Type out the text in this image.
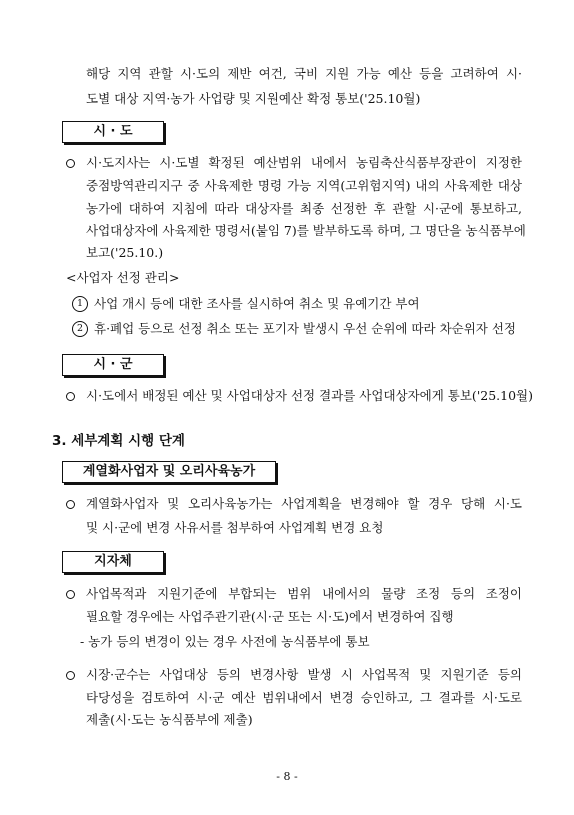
해당 지역 관할 시·도의 제반 여건, 국비 지원 가능 예산 등을 고려하여 시·
도별 대상 지역·농가 사업량 및 지원예산 확정 통보('25.10월)
시 · 도
시·도지사는 시·도별 확정된 예산범위 내에서 농림축산식품부장관이 지정한
중점방역관리지구 중 사육제한 명령 가능 지역(고위험지역) 내의 사육제한 대상
농가에 대하여 지침에 따라 대상자를 최종 선정한 후 관할 시·군에 통보하고,
사업대상자에 사육제한 명령서(붙임 7)를 발부하도록 하며, 그 명단을 농식품부에
보고('25.10.)
<사업자 선정 관리>
1 사업 개시 등에 대한 조사를 실시하여 취소 및 유예기간 부여
2 휴·폐업 등으로 선정 취소 또는 포기자 발생시 우선 순위에 따라 차순위자 선정
시 · 군
시·도에서 배정된 예산 및 사업대상자 선정 결과를 사업대상자에게 통보('25.10월)
3. 세부계획 시행 단계
계열화사업자 및 오리사육농가
계열화사업자 및 오리사육농가는 사업계획을 변경해야 할 경우 당해 시·도
및 시·군에 변경 사유서를 첨부하여 사업계획 변경 요청
지자체
사업목적과 지원기준에 부합되는 범위 내에서의 물량 조정 등의 조정이
필요할 경우에는 사업주관기관(시·군 또는 시·도)에서 변경하여 집행
- 농가 등의 변경이 있는 경우 사전에 농식품부에 통보
시장·군수는 사업대상 등의 변경사항 발생 시 사업목적 및 지원기준 등의
타당성을 검토하여 시·군 예산 범위내에서 변경 승인하고, 그 결과를 시·도로
제출(시·도는 농식품부에 제출)
- 8 -
